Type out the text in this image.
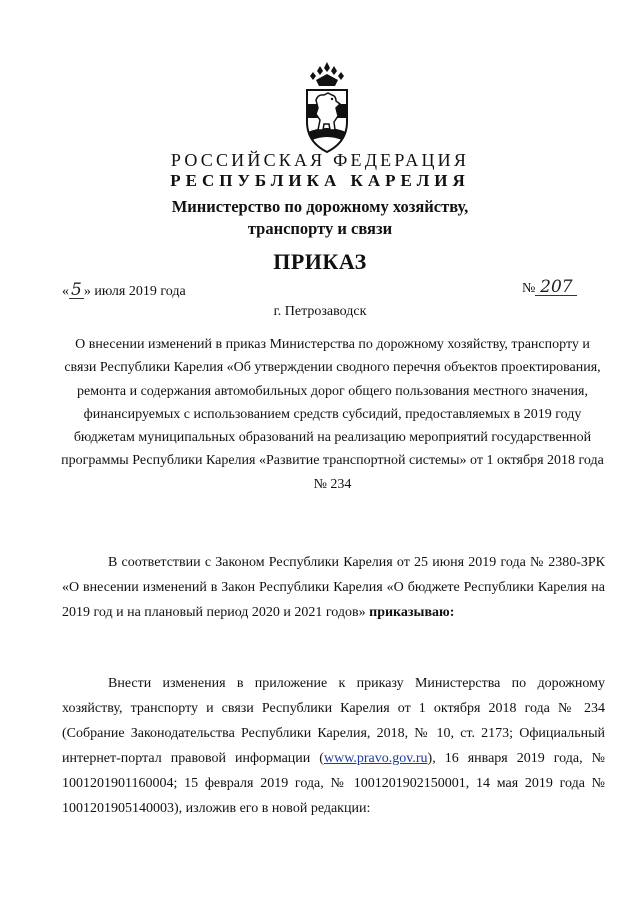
РОССИЙСКАЯ ФЕДЕРАЦИЯ
РЕСПУБЛИКА КАРЕЛИЯ
Министерство по дорожному хозяйству,
транспорту и связи
ПРИКАЗ
« 5 » июля 2019 года	№ 207
г. Петрозаводск
О внесении изменений в приказ Министерства по дорожному хозяйству, транспорту и связи Республики Карелия «Об утверждении сводного перечня объектов проектирования, ремонта и содержания автомобильных дорог общего пользования местного значения, финансируемых с использованием средств субсидий, предоставляемых в 2019 году бюджетам муниципальных образований на реализацию мероприятий государственной программы Республики Карелия «Развитие транспортной системы» от 1 октября 2018 года № 234
В соответствии с Законом Республики Карелия от 25 июня 2019 года № 2380-ЗРК «О внесении изменений в Закон Республики Карелия «О бюджете Республики Карелия на 2019 год и на плановый период 2020 и 2021 годов» приказываю:
Внести изменения в приложение к приказу Министерства по дорожному хозяйству, транспорту и связи Республики Карелия от 1 октября 2018 года № 234 (Собрание Законодательства Республики Карелия, 2018, № 10, ст. 2173; Официальный интернет-портал правовой информации (www.pravo.gov.ru), 16 января 2019 года, № 1001201901160004; 15 февраля 2019 года, № 1001201902150001, 14 мая 2019 года № 1001201905140003), изложив его в новой редакции:
